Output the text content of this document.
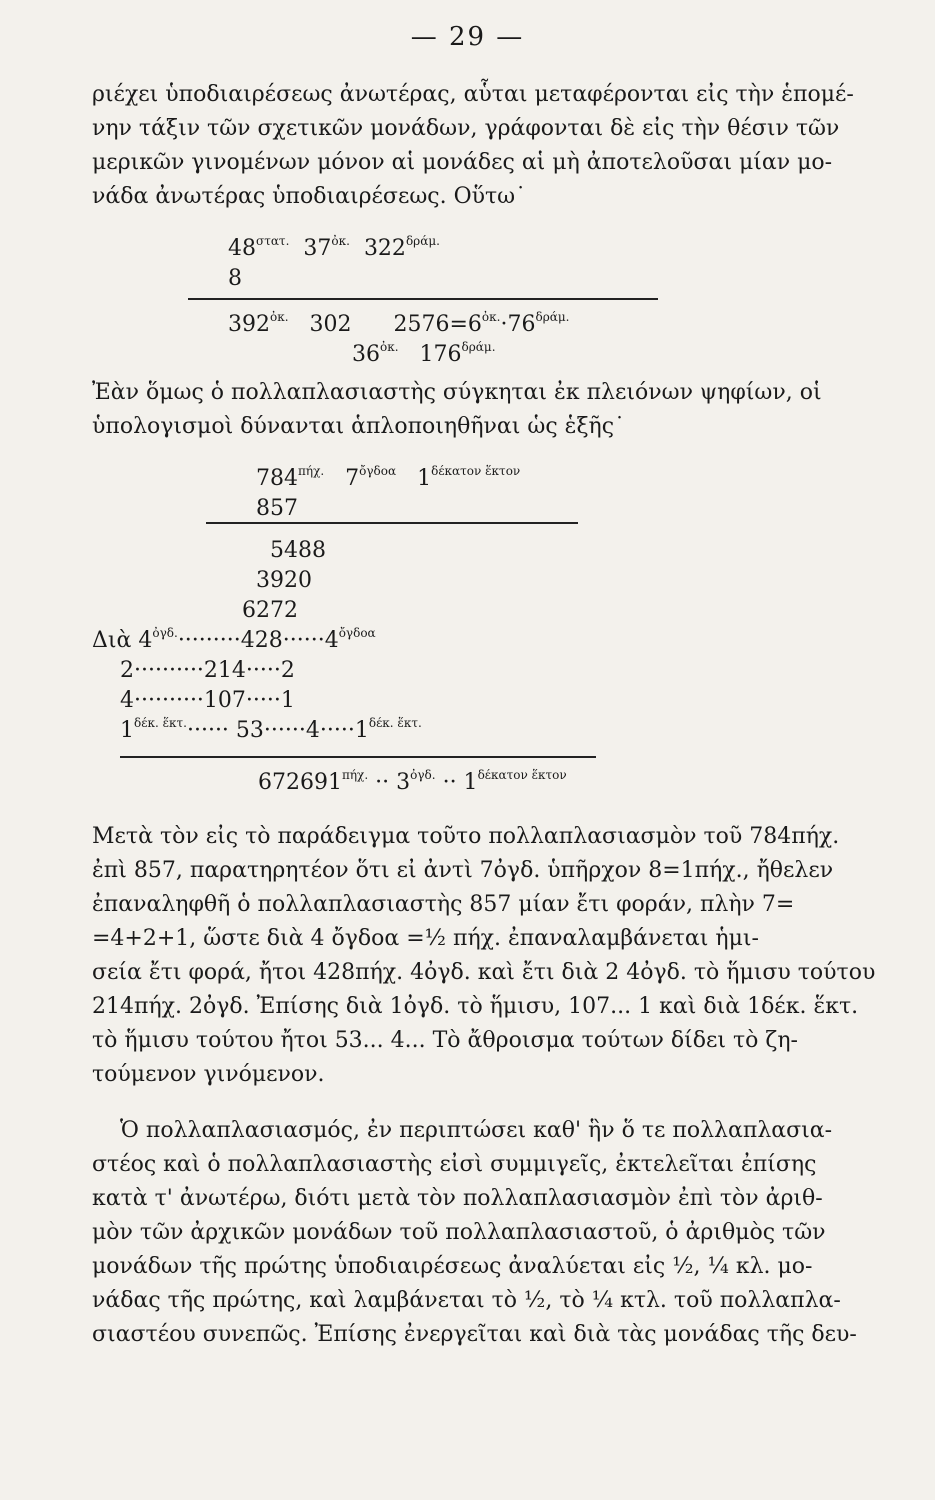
— 29 —
ριέχει ὑποδιαιρέσεως ἀνωτέρας, αὗται μεταφέρονται εἰς τὴν ἑπομέ-
νην τάξιν τῶν σχετικῶν μονάδων, γράφονται δὲ εἰς τὴν θέσιν τῶν
μερικῶν γινομένων μόνον αἱ μονάδες αἱ μὴ ἀποτελοῦσαι μίαν μο-
νάδα ἀνωτέρας ὑποδιαιρέσεως. Οὕτω˙
$48^{\sigma\tau\alpha\tau.}$ $37^{ὀ\kappa.}$ $322^{\delta\rho ά\mu.}$
8
$392^{ὀ\kappa.}$ 302 $2576=6^{ὀ\kappa.}\cdot 76^{\delta\rho ά\mu.}$
$36^{ὀ\kappa.}$ $176^{\delta\rho ά\mu.}$
Ἐὰν ὅμως ὁ πολλαπλασιαστὴς σύγκηται ἐκ πλειόνων ψηφίων, οἱ
ὑπολογισμοὶ δύνανται ἁπλοποιηθῆναι ὡς ἑξῆς˙
$784^{\pi ή\chi.}$ $7^{ὄ\gamma\delta o\alpha}$ $1^{\delta έ\kappa\alpha\tau o\nu ἕ\kappa\tau o\nu}$
857
5488
3920
6272
Διὰ $4^{ὀ\gamma\delta.}\cdot\cdot\cdot\cdot\cdot\cdot\cdot\cdot\cdot 428\cdot\cdot\cdot\cdot\cdot\cdot 4^{ὄ\gamma\delta o\alpha}$
2··········214·····2
4··········107·····1
$1^{\delta έ\kappa. ἕ\kappa\tau.}\cdot\cdot\cdot\cdot\cdot\cdot 53\cdot\cdot\cdot\cdot\cdot\cdot 4\cdot\cdot\cdot\cdot\cdot 1^{\delta έ\kappa. ἕ\kappa\tau.}$
$672691^{\pi ή\chi.} \cdot\cdot 3^{ὀ\gamma\delta.} \cdot\cdot 1^{\delta έ\kappa\alpha\tau o\nu ἕ\kappa\tau o\nu}$
Μετὰ τὸν εἰς τὸ παράδειγμα τοῦτο πολλαπλασιασμὸν τοῦ 784πήχ.
ἐπὶ 857, παρατηρητέον ὅτι εἰ ἀντὶ 7ὀγδ. ὑπῆρχον 8=1πήχ., ἤθελεν
ἐπαναληφθῆ ὁ πολλαπλασιαστὴς 857 μίαν ἔτι φοράν, πλὴν 7=
=4+2+1, ὥστε διὰ 4 ὄγδοα =½ πήχ. ἐπαναλαμβάνεται ἡμι-
σεία ἔτι φορά, ἤτοι 428πήχ. 4ὀγδ. καὶ ἔτι διὰ 2 4ὀγδ. τὸ ἥμισυ τούτου
214πήχ. 2ὀγδ. Ἐπίσης διὰ 1ὀγδ. τὸ ἥμισυ, 107... 1 καὶ διὰ 1δέκ. ἕκτ.
τὸ ἥμισυ τούτου ἤτοι 53... 4... Τὸ ἄθροισμα τούτων δίδει τὸ ζη-
τούμενον γινόμενον.
Ὁ πολλαπλασιασμός, ἐν περιπτώσει καθ' ἣν ὅ τε πολλαπλασια-
στέος καὶ ὁ πολλαπλασιαστὴς εἰσὶ συμμιγεῖς, ἐκτελεῖται ἐπίσης
κατὰ τ' ἀνωτέρω, διότι μετὰ τὸν πολλαπλασιασμὸν ἐπὶ τὸν ἀριθ-
μὸν τῶν ἀρχικῶν μονάδων τοῦ πολλαπλασιαστοῦ, ὁ ἀριθμὸς τῶν
μονάδων τῆς πρώτης ὑποδιαιρέσεως ἀναλύεται εἰς ½, ¼ κλ. μο-
νάδας τῆς πρώτης, καὶ λαμβάνεται τὸ ½, τὸ ¼ κτλ. τοῦ πολλαπλα-
σιαστέου συνεπῶς. Ἐπίσης ἐνεργεῖται καὶ διὰ τὰς μονάδας τῆς δευ-
